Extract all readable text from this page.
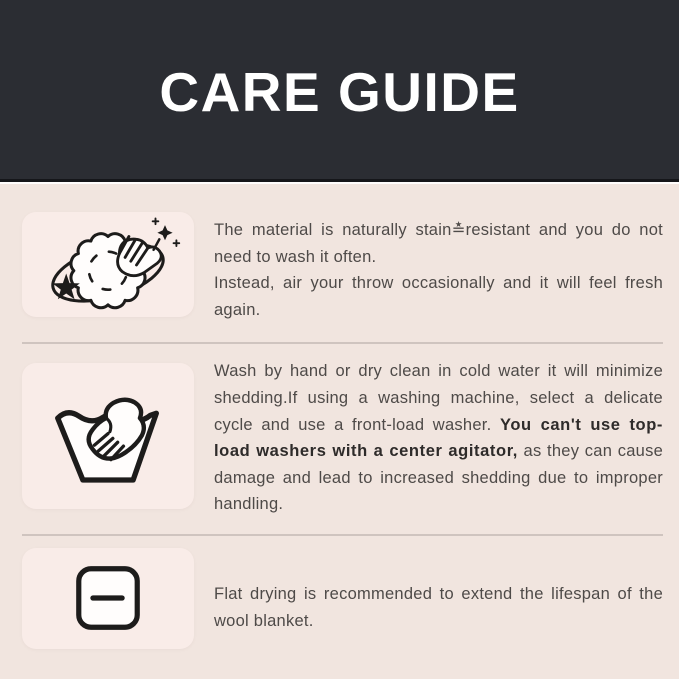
CARE GUIDE

The material is naturally stain≛resistant and you do not need to wash it often.

Instead, air your throw occasionally and it will feel fresh again.

Wash by hand or dry clean in cold water it will minimize shedding.If using a washing machine, select a delicate cycle and use a front-load washer. You can't use top-load washers with a center agitator, as they can cause damage and lead to increased shedding due to improper handling.

Flat drying is recommended to extend the lifespan of the wool blanket.
